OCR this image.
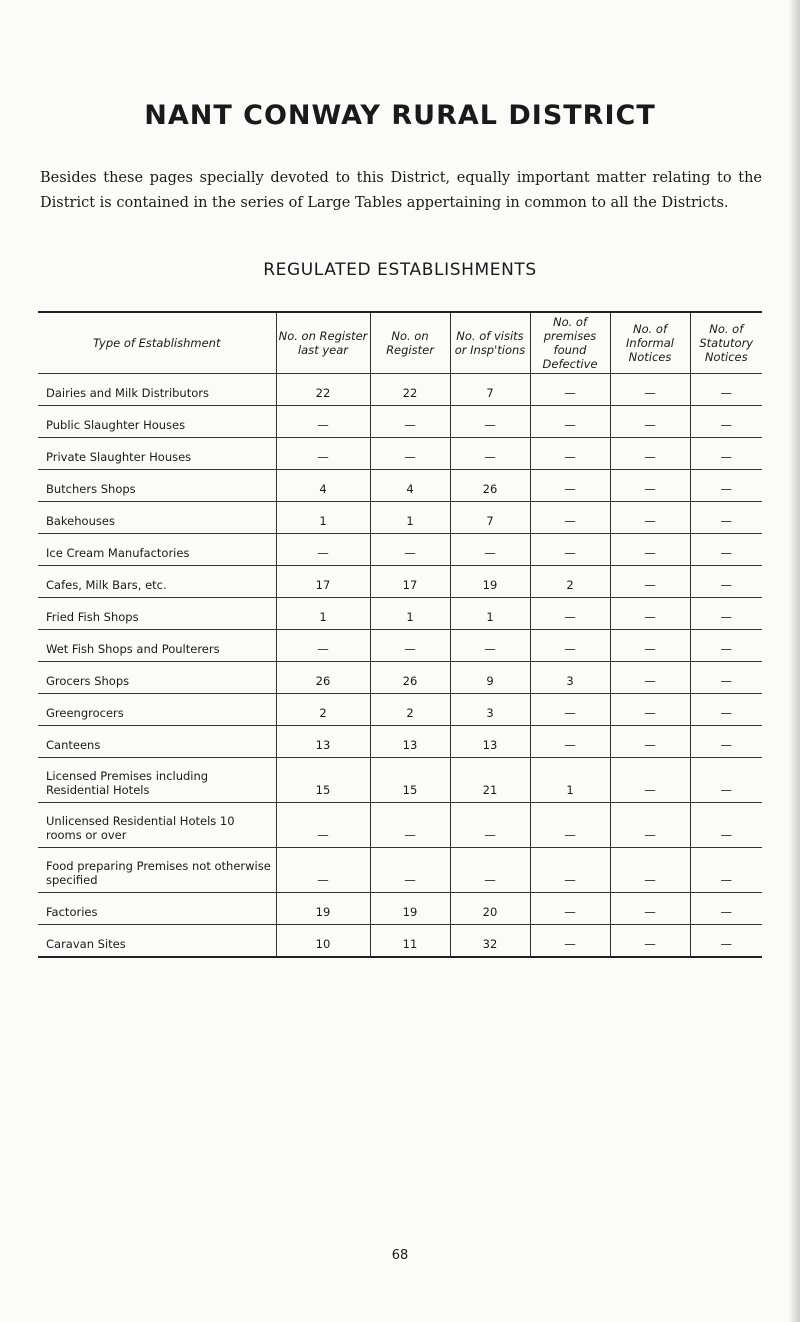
NANT CONWAY RURAL DISTRICT
Besides these pages specially devoted to this District, equally important matter relating to the District is contained in the series of Large Tables appertaining in common to all the Districts.
REGULATED ESTABLISHMENTS
Type of Establishment	No. on Register last year	No. on Register	No. of visits or Insp'tions	No. of premises found Defective	No. of Informal Notices	No. of Statutory Notices
Dairies and Milk Distributors	22	22	7	—	—	—
Public Slaughter Houses	—	—	—	—	—	—
Private Slaughter Houses	—	—	—	—	—	—
Butchers Shops	4	4	26	—	—	—
Bakehouses	1	1	7	—	—	—
Ice Cream Manufactories	—	—	—	—	—	—
Cafes, Milk Bars, etc.	17	17	19	2	—	—
Fried Fish Shops	1	1	1	—	—	—
Wet Fish Shops and Poulterers	—	—	—	—	—	—
Grocers Shops	26	26	9	3	—	—
Greengrocers	2	2	3	—	—	—
Canteens	13	13	13	—	—	—
Licensed Premises including Residential Hotels	15	15	21	1	—	—
Unlicensed Residential Hotels 10 rooms or over	—	—	—	—	—	—
Food preparing Premises not otherwise specified	—	—	—	—	—	—
Factories	19	19	20	—	—	—
Caravan Sites	10	11	32	—	—	—
68
